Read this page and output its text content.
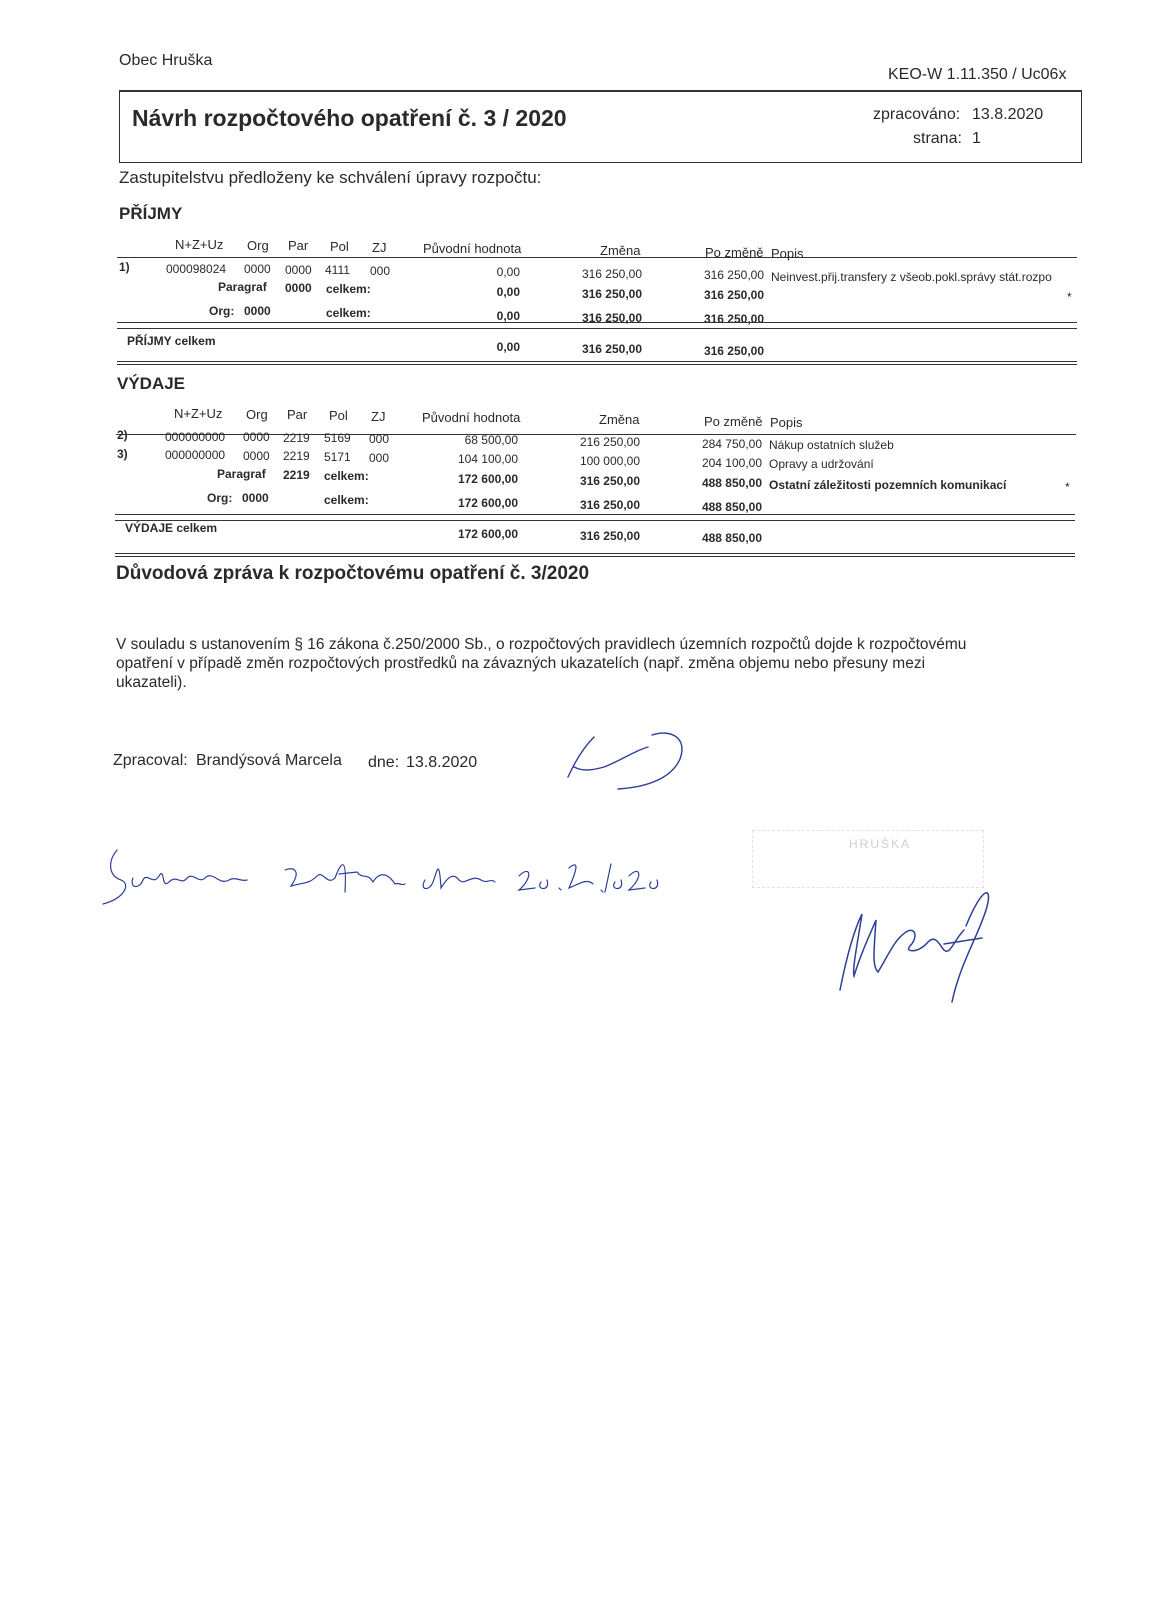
Obec Hruška
KEO-W 1.11.350 / Uc06x
Návrh rozpočtového opatření č. 3 / 2020	zpracováno: 13.8.2020
strana: 1
Zastupitelstvu předloženy ke schválení úpravy rozpočtu:
PŘÍJMY
N+Z+Uz Org Par Pol ZJ	Původní hodnota	Změna	Po změně Popis
1)	000098024 0000 0000 4111 000	0,00	316 250,00	316 250,00 Neinvest.přij.transfery z všeob.pokl.správy stát.rozpo
Paragraf 0000 celkem:	0,00	316 250,00	316 250,00	*
Org: 0000	celkem:	0,00	316 250,00	316 250,00
PŘÍJMY celkem	0,00	316 250,00	316 250,00
VÝDAJE
N+Z+Uz Org Par Pol ZJ	Původní hodnota	Změna	Po změně Popis
2)	000000000 0000 2219 5169 000	68 500,00	216 250,00	284 750,00 Nákup ostatních služeb
3)	000000000 0000 2219 5171 000	104 100,00	100 000,00	204 100,00 Opravy a udržování
Paragraf 2219 celkem:	172 600,00	316 250,00	488 850,00 Ostatní záležitosti pozemních komunikací	*
Org: 0000	celkem:	172 600,00	316 250,00	488 850,00
VÝDAJE celkem	172 600,00	316 250,00	488 850,00
Důvodová zpráva k rozpočtovému opatření č. 3/2020
V souladu s ustanovením § 16 zákona č.250/2000 Sb., o rozpočtových pravidlech územních rozpočtů dojde k rozpočtovému
opatření v případě změn rozpočtových prostředků na závazných ukazatelích (např. změna objemu nebo přesuny mezi
ukazateli).
Zpracoval: Brandýsová Marcela dne: 13.8.2020
HRUŠKA
